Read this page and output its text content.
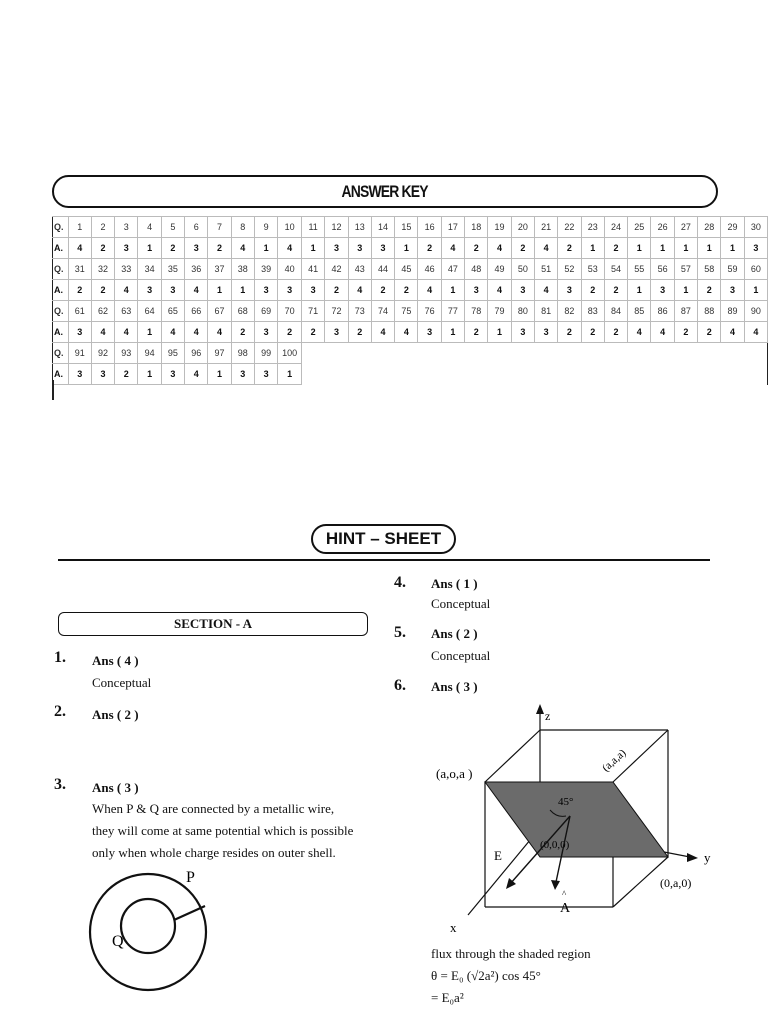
ANSWER KEY
Q.	1	2	3	4	5	6	7	8	9	10	11	12	13	14	15	16	17	18	19	20	21	22	23	24	25	26	27	28	29	30
A.	4	2	3	1	2	3	2	4	1	4	1	3	3	3	1	2	4	2	4	2	4	2	1	2	1	1	1	1	1	3
Q.	31	32	33	34	35	36	37	38	39	40	41	42	43	44	45	46	47	48	49	50	51	52	53	54	55	56	57	58	59	60
A.	2	2	4	3	3	4	1	1	3	3	3	2	4	2	2	4	1	3	4	3	4	3	2	2	1	3	1	2	3	1
Q.	61	62	63	64	65	66	67	68	69	70	71	72	73	74	75	76	77	78	79	80	81	82	83	84	85	86	87	88	89	90
A.	3	4	4	1	4	4	4	2	3	2	2	3	2	4	4	3	1	2	1	3	3	2	2	2	4	4	2	2	4	4
Q.	91	92	93	94	95	96	97	98	99	100																				
A.	3	3	2	1	3	4	1	3	3	1																				
HINT – SHEET
SECTION - A
1. Ans ( 4 )
Conceptual
2. Ans ( 2 )
3. Ans ( 3 )
When P & Q are connected by a metallic wire,
they will come at same potential which is possible
only when whole charge resides on outer shell.
P
Q
4. Ans ( 1 )
Conceptual
5. Ans ( 2 )
Conceptual
6. Ans ( 3 )
z
y
x
(a,o,a )	(a,a,a)
45°
(0,0,0)
E
(0,a,0)
^
A
flux through the shaded region
θ = E₀ (√2a²) cos 45°
= E₀a²
